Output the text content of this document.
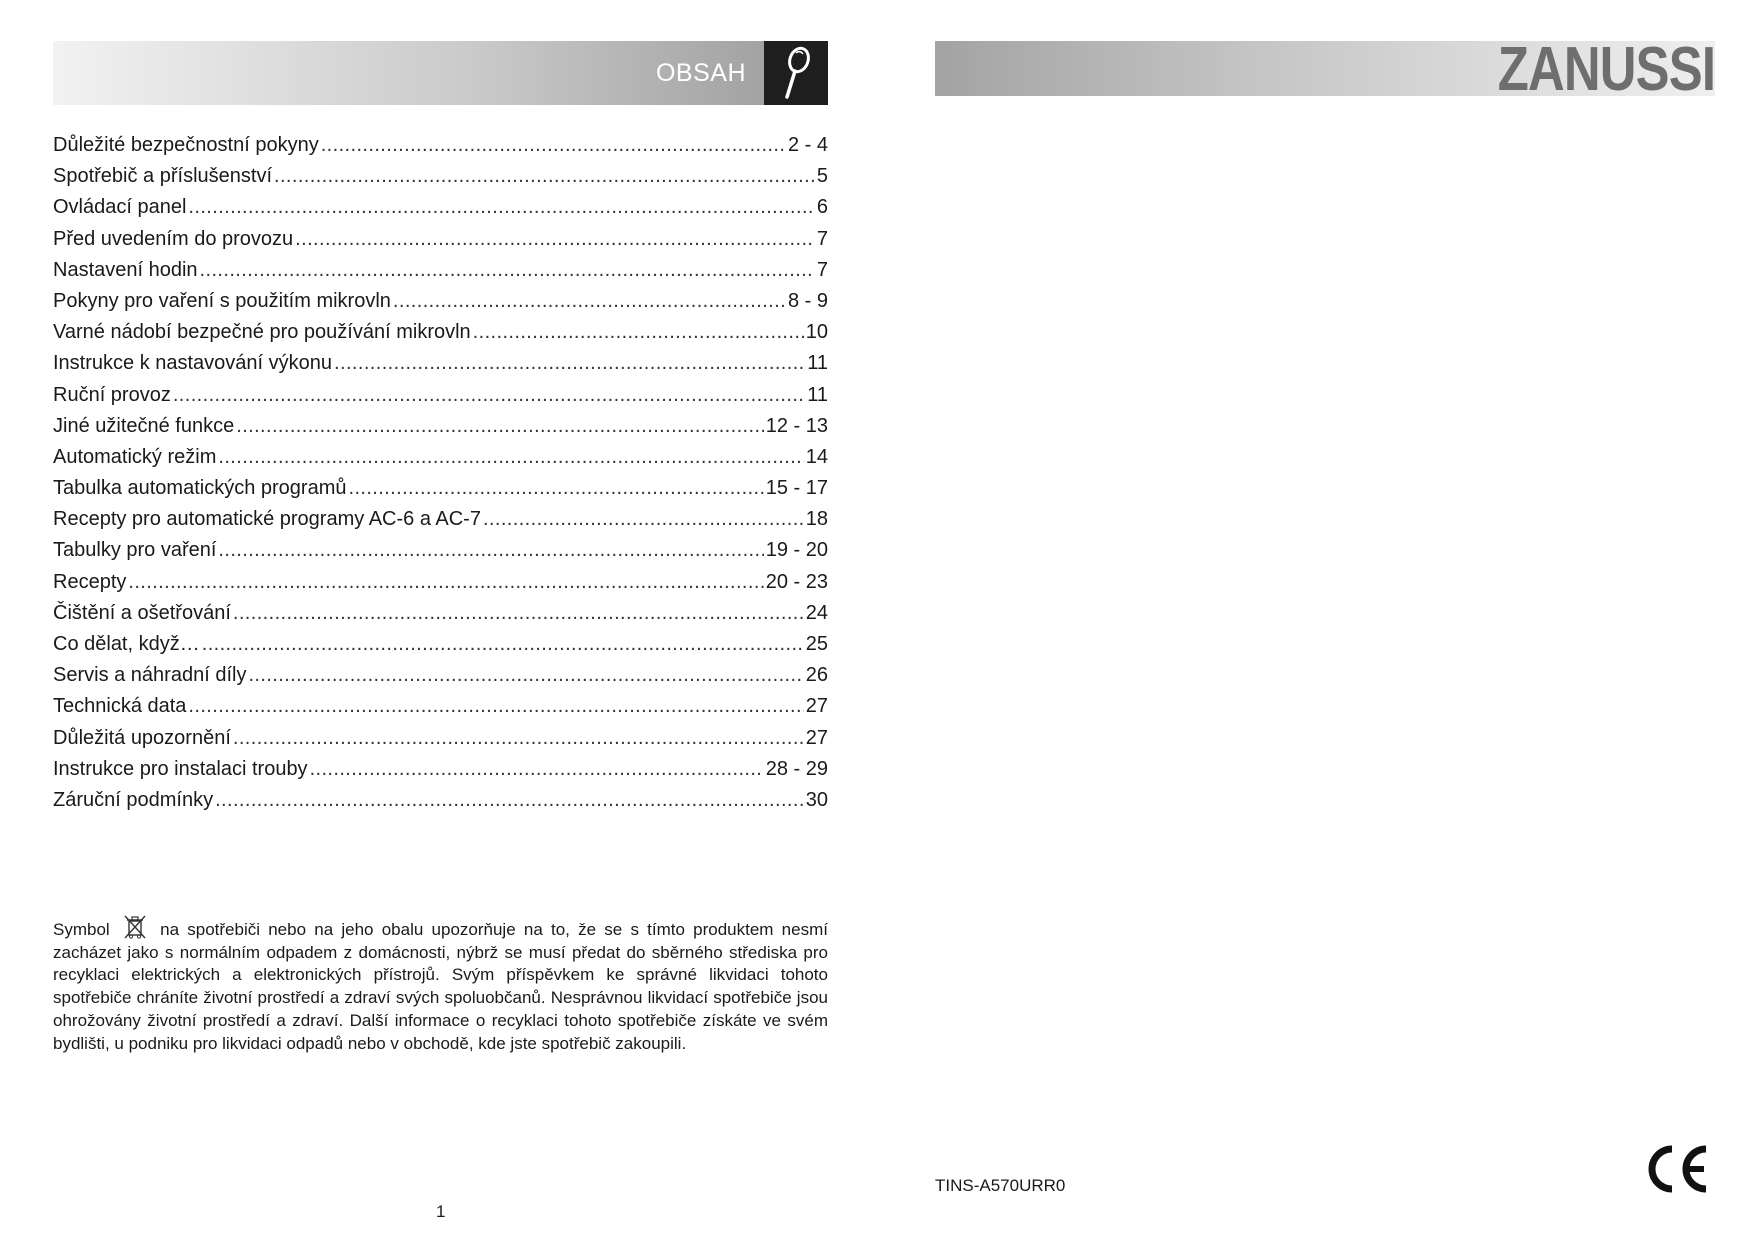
OBSAH	ZANUSSI
Důležité bezpečnostní pokyny .....	2 - 4
Spotřebič a příslušenství .....	5
Ovládací panel .....	6
Před uvedením do provozu .....	7
Nastavení hodin .....	7
Pokyny pro vaření s použitím mikrovln .....	8 - 9
Varné nádobí bezpečné pro používání mikrovln .....	10
Instrukce k nastavování výkonu .....	11
Ruční provoz .....	11
Jiné užitečné funkce .....	12 - 13
Automatický režim .....	14
Tabulka automatických programů .....	15 - 17
Recepty pro automatické programy AC-6 a AC-7 .....	18
Tabulky pro vaření .....	19 - 20
Recepty .....	20 - 23
Čištění a ošetřování .....	24
Co dělat, když… .....	25
Servis a náhradní díly .....	26
Technická data .....	27
Důležitá upozornění .....	27
Instrukce pro instalaci trouby .....	28 - 29
Záruční podmínky .....	30
Symbol	na spotřebiči nebo na jeho obalu upozorňuje na to, že se s tímto produktem nesmí zacházet jako s normálním odpadem z domácnosti, nýbrž se musí předat do sběrného střediska pro recyklaci elektrických a elektronických přístrojů. Svým příspěvkem ke správné likvidaci tohoto spotřebiče chráníte životní prostředí a zdraví svých spoluobčanů. Nesprávnou likvidací spotřebiče jsou ohrožovány životní prostředí a zdraví. Další informace o recyklaci tohoto spotřebiče získáte ve svém bydlišti, u podniku pro likvidaci odpadů nebo v obchodě, kde jste spotřebič zakoupili.
1
TINS-A570URR0
